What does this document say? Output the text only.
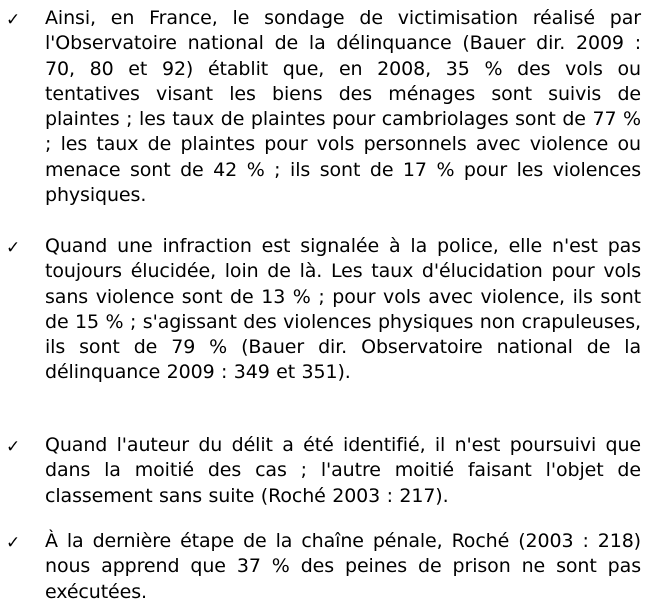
✓ Ainsi, en France, le sondage de victimisation réalisé par l'Observatoire national de la délinquance (Bauer dir. 2009 : 70, 80 et 92) établit que, en 2008, 35 % des vols ou tentatives visant les biens des ménages sont suivis de plaintes ; les taux de plaintes pour cambriolages sont de 77 % ; les taux de plaintes pour vols personnels avec violence ou menace sont de 42 % ; ils sont de 17 % pour les violences physiques.

✓ Quand une infraction est signalée à la police, elle n'est pas toujours élucidée, loin de là. Les taux d'élucidation pour vols sans violence sont de 13 % ; pour vols avec violence, ils sont de 15 % ; s'agissant des violences physiques non crapuleuses, ils sont de 79 % (Bauer dir. Observatoire national de la délinquance 2009 : 349 et 351).

✓ Quand l'auteur du délit a été identifié, il n'est poursuivi que dans la moitié des cas ; l'autre moitié faisant l'objet de classement sans suite (Roché 2003 : 217).

✓ À la dernière étape de la chaîne pénale, Roché (2003 : 218) nous apprend que 37 % des peines de prison ne sont pas exécutées.
